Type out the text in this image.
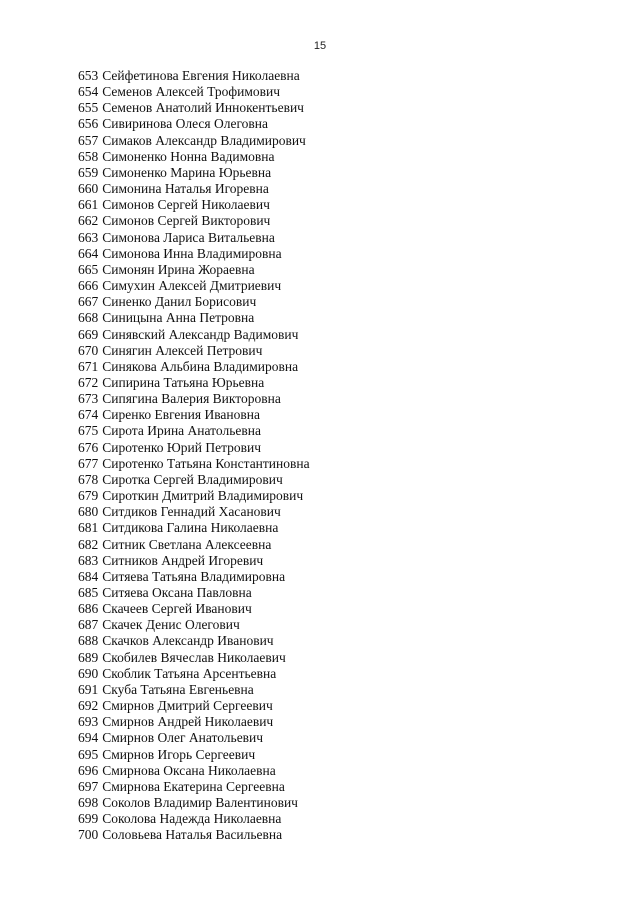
15
653 Сейфетинова Евгения Николаевна
654 Семенов Алексей Трофимович
655 Семенов Анатолий Иннокентьевич
656 Сивиринова Олеся Олеговна
657 Симаков Александр Владимирович
658 Симоненко Нонна Вадимовна
659 Симоненко Марина Юрьевна
660 Симонина Наталья Игоревна
661 Симонов Сергей Николаевич
662 Симонов Сергей Викторович
663 Симонова Лариса Витальевна
664 Симонова Инна Владимировна
665 Симонян Ирина Жораевна
666 Симухин Алексей Дмитриевич
667 Синенко Данил Борисович
668 Синицына Анна Петровна
669 Синявский Александр Вадимович
670 Синягин Алексей Петрович
671 Синякова Альбина Владимировна
672 Сипирина Татьяна Юрьевна
673 Сипягина Валерия Викторовна
674 Сиренко Евгения Ивановна
675 Сирота Ирина Анатольевна
676 Сиротенко Юрий Петрович
677 Сиротенко Татьяна Константиновна
678 Сиротка Сергей Владимирович
679 Сироткин Дмитрий Владимирович
680 Ситдиков Геннадий Хасанович
681 Ситдикова Галина Николаевна
682 Ситник Светлана Алексеевна
683 Ситников Андрей Игоревич
684 Ситяева Татьяна Владимировна
685 Ситяева Оксана Павловна
686 Скачеев Сергей Иванович
687 Скачек Денис Олегович
688 Скачков Александр Иванович
689 Скобилев Вячеслав Николаевич
690 Скоблик Татьяна Арсентьевна
691 Скуба Татьяна Евгеньевна
692 Смирнов Дмитрий Сергеевич
693 Смирнов Андрей Николаевич
694 Смирнов Олег Анатольевич
695 Смирнов Игорь Сергеевич
696 Смирнова Оксана Николаевна
697 Смирнова Екатерина Сергеевна
698 Соколов Владимир Валентинович
699 Соколова Надежда Николаевна
700 Соловьева Наталья Васильевна
